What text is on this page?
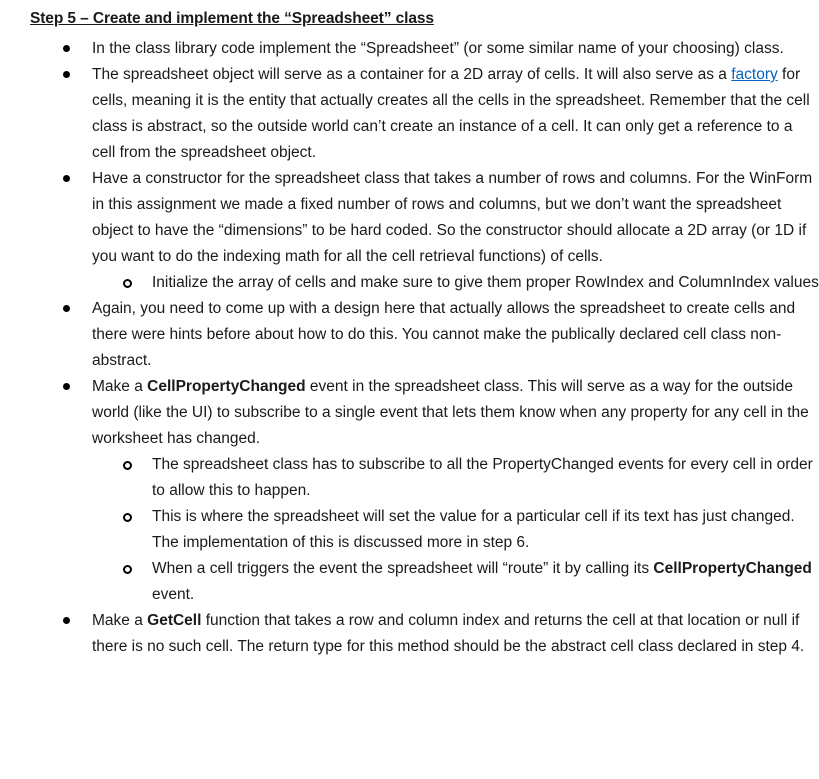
Step 5 – Create and implement the “Spreadsheet” class
In the class library code implement the “Spreadsheet” (or some similar name of your choosing) class.
The spreadsheet object will serve as a container for a 2D array of cells. It will also serve as a factory for cells, meaning it is the entity that actually creates all the cells in the spreadsheet. Remember that the cell class is abstract, so the outside world can’t create an instance of a cell. It can only get a reference to a cell from the spreadsheet object.
Have a constructor for the spreadsheet class that takes a number of rows and columns. For the WinForm in this assignment we made a fixed number of rows and columns, but we don’t want the spreadsheet object to have the “dimensions” to be hard coded. So the constructor should allocate a 2D array (or 1D if you want to do the indexing math for all the cell retrieval functions) of cells.
Initialize the array of cells and make sure to give them proper RowIndex and ColumnIndex values
Again, you need to come up with a design here that actually allows the spreadsheet to create cells and there were hints before about how to do this. You cannot make the publically declared cell class non-abstract.
Make a CellPropertyChanged event in the spreadsheet class. This will serve as a way for the outside world (like the UI) to subscribe to a single event that lets them know when any property for any cell in the worksheet has changed.
The spreadsheet class has to subscribe to all the PropertyChanged events for every cell in order to allow this to happen.
This is where the spreadsheet will set the value for a particular cell if its text has just changed. The implementation of this is discussed more in step 6.
When a cell triggers the event the spreadsheet will “route” it by calling its CellPropertyChanged event.
Make a GetCell function that takes a row and column index and returns the cell at that location or null if there is no such cell. The return type for this method should be the abstract cell class declared in step 4.
